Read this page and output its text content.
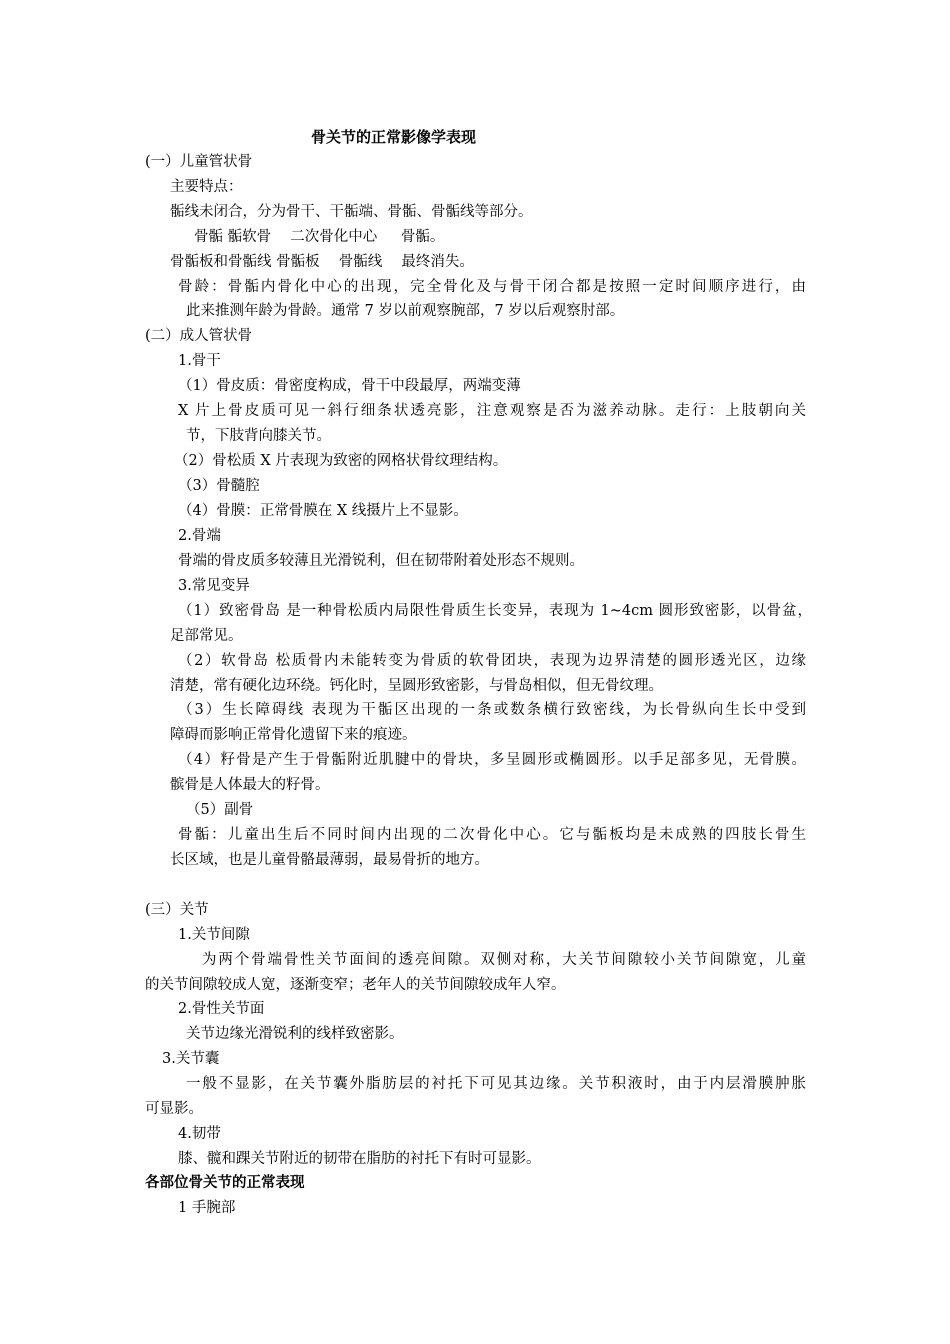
骨关节的正常影像学表现
(一）儿童管状骨
主要特点：
骺线未闭合，分为骨干、干骺端、骨骺、骨骺线等部分。
骨骺 骺软骨 　二次骨化中心 　 骨骺。
骨骺板和骨骺线 骨骺板 　骨骺线 　最终消失。
骨龄：骨骺内骨化中心的出现，完全骨化及与骨干闭合都是按照一定时间顺序进行，由
此来推测年龄为骨龄。通常 7 岁以前观察腕部，7 岁以后观察肘部。
(二）成人管状骨
1.骨干
（1）骨皮质：骨密度构成，骨干中段最厚，两端变薄
X 片上骨皮质可见一斜行细条状透亮影，注意观察是否为滋养动脉。走行：上肢朝向关
节，下肢背向膝关节。
（2）骨松质 X 片表现为致密的网格状骨纹理结构。
（3）骨髓腔
（4）骨膜：正常骨膜在 X 线摄片上不显影。
2.骨端
骨端的骨皮质多较薄且光滑锐利，但在韧带附着处形态不规则。
3.常见变异
（1）致密骨岛 是一种骨松质内局限性骨质生长变异，表现为 1~4cm 圆形致密影，以骨盆，
足部常见。
（2）软骨岛 松质骨内未能转变为骨质的软骨团块，表现为边界清楚的圆形透光区，边缘
清楚，常有硬化边环绕。钙化时，呈圆形致密影，与骨岛相似，但无骨纹理。
（3）生长障碍线 表现为干骺区出现的一条或数条横行致密线，为长骨纵向生长中受到
障碍而影响正常骨化遗留下来的痕迹。
（4）籽骨是产生于骨骺附近肌腱中的骨块，多呈圆形或椭圆形。以手足部多见，无骨膜。
髌骨是人体最大的籽骨。
（5）副骨
骨骺：儿童出生后不同时间内出现的二次骨化中心。它与骺板均是未成熟的四肢长骨生
长区域，也是儿童骨骼最薄弱，最易骨折的地方。
(三）关节
1.关节间隙
为两个骨端骨性关节面间的透亮间隙。双侧对称，大关节间隙较小关节间隙宽，儿童
的关节间隙较成人宽，逐渐变窄；老年人的关节间隙较成年人窄。
2.骨性关节面
关节边缘光滑锐利的线样致密影。
3.关节囊
一般不显影，在关节囊外脂肪层的衬托下可见其边缘。关节积液时，由于内层滑膜肿胀
可显影。
4.韧带
膝、髋和踝关节附近的韧带在脂肪的衬托下有时可显影。
各部位骨关节的正常表现
1 手腕部
